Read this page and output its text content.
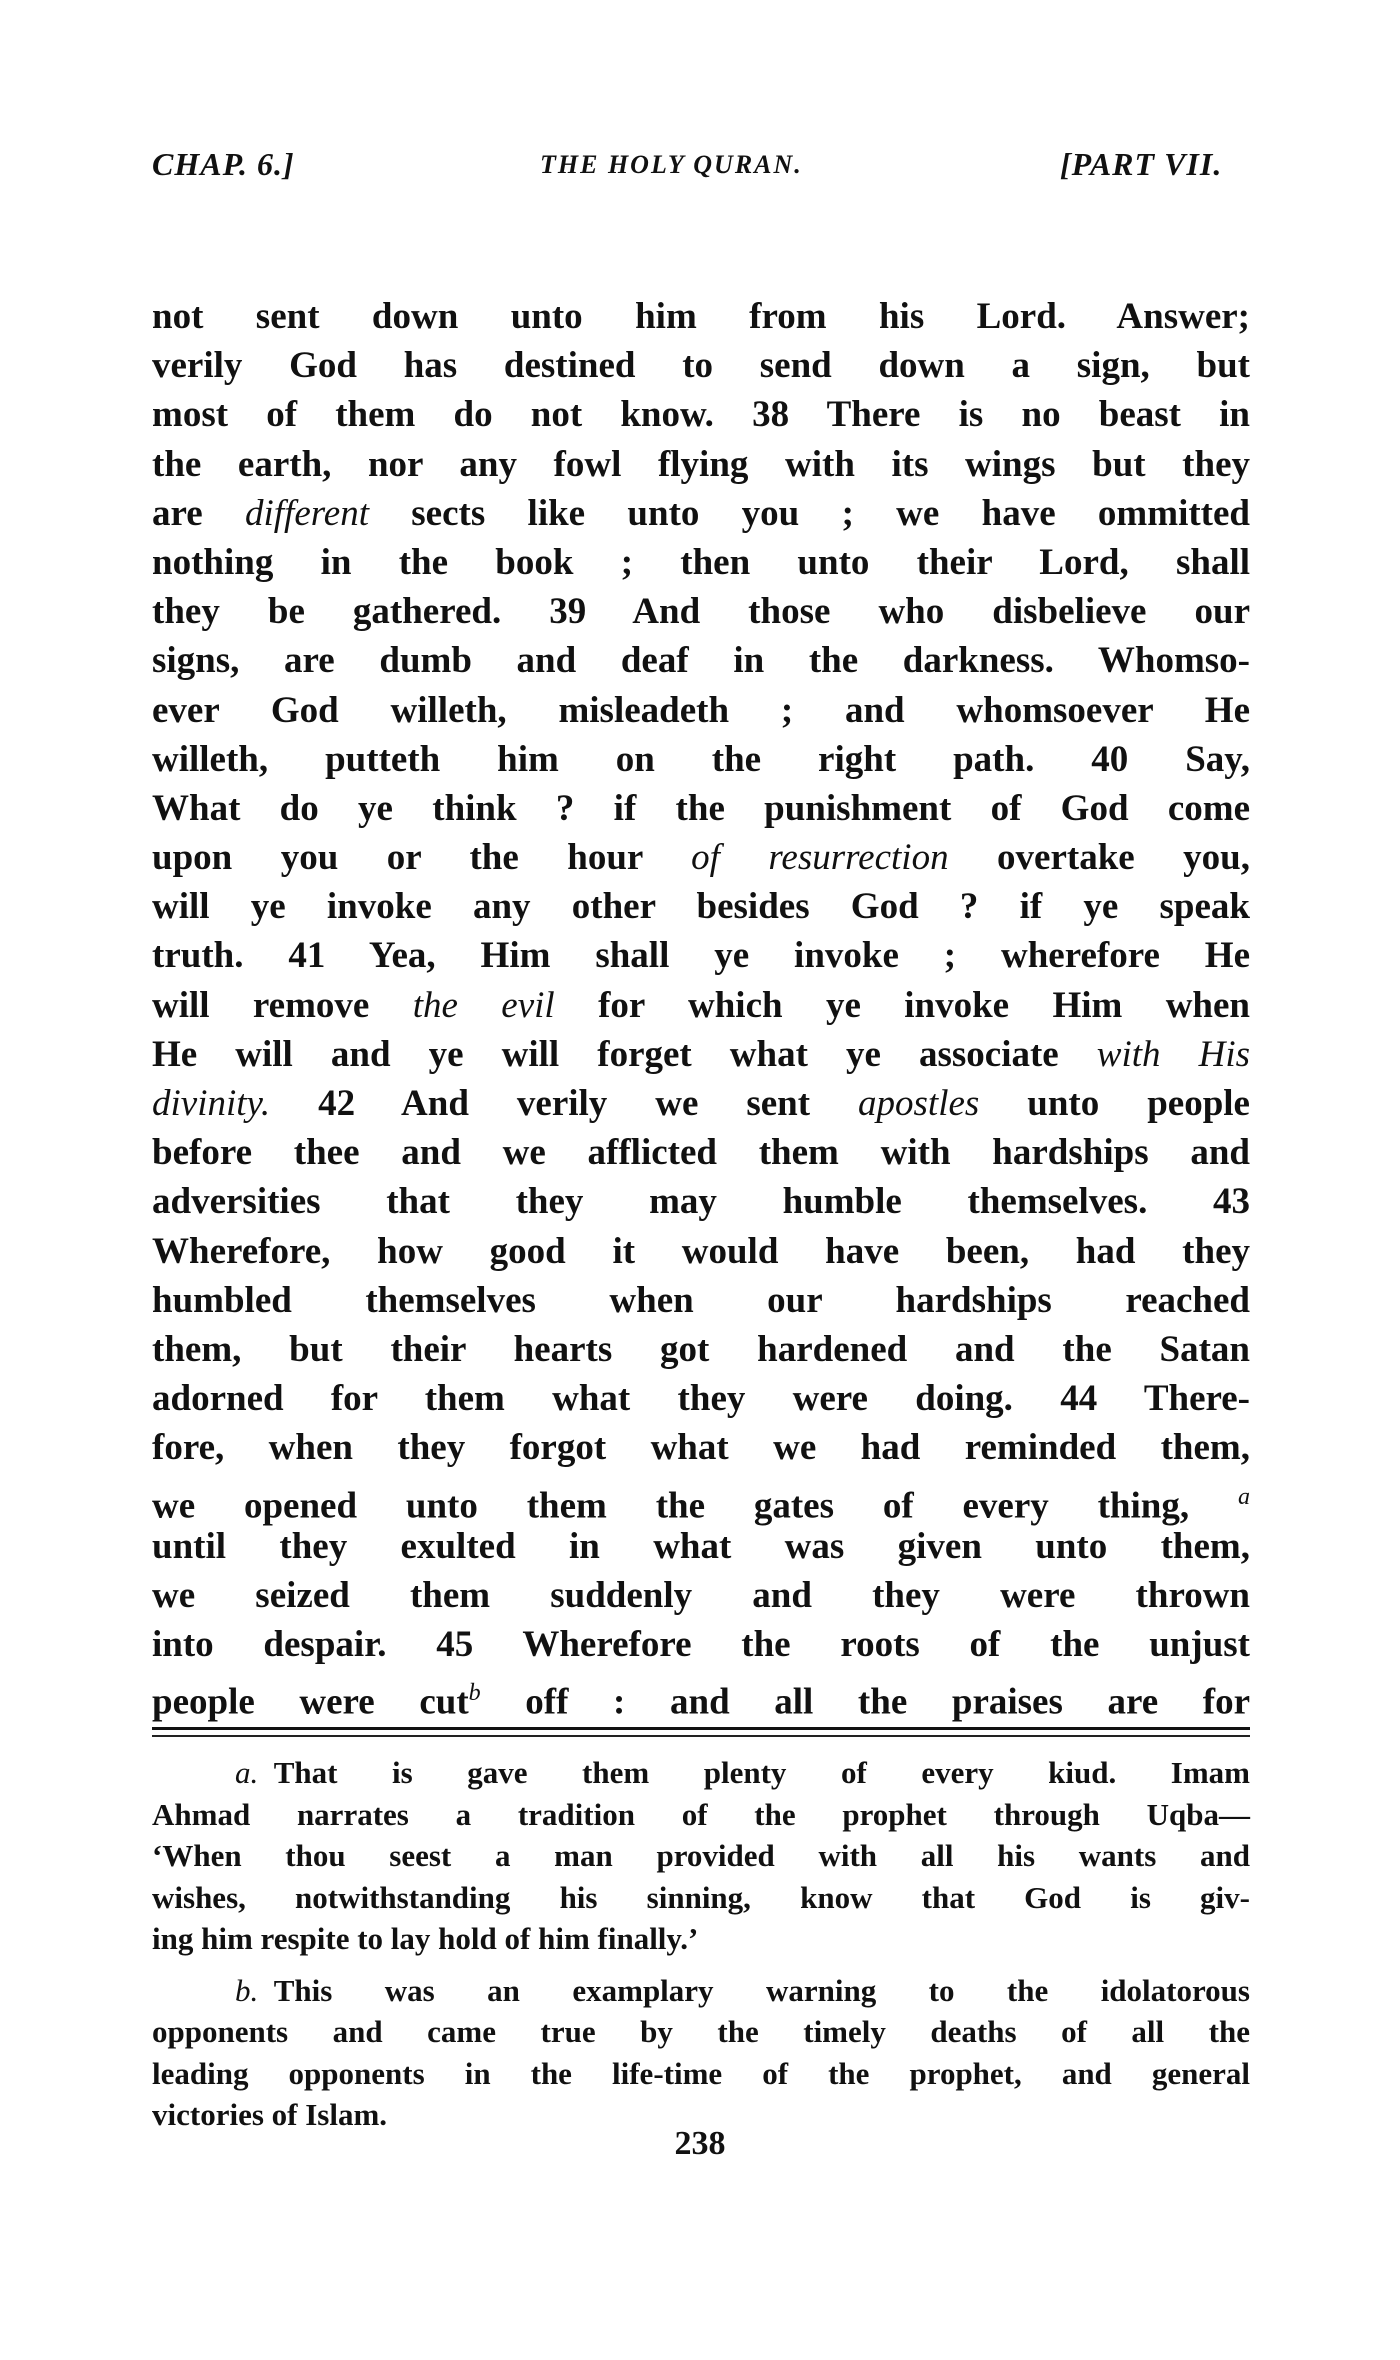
CHAP. 6.]	THE HOLY QURAN.	[PART VII.
not sent down unto him from his Lord. Answer;
verily God has destined to send down a sign, but
most of them do not know. 38 There is no beast in
the earth, nor any fowl flying with its wings but they
are different sects like unto you ; we have ommitted
nothing in the book ; then unto their Lord, shall
they be gathered. 39 And those who disbelieve our
signs, are dumb and deaf in the darkness. Whomso-
ever God willeth, misleadeth ; and whomsoever He
willeth, putteth him on the right path. 40 Say,
What do ye think ? if the punishment of God come
upon you or the hour of resurrection overtake you,
will ye invoke any other besides God ? if ye speak
truth. 41 Yea, Him shall ye invoke ; wherefore He
will remove the evil for which ye invoke Him when
He will and ye will forget what ye associate with His
divinity. 42 And verily we sent apostles unto people
before thee and we afflicted them with hardships and
adversities that they may humble themselves. 43
Wherefore, how good it would have been, had they
humbled themselves when our hardships reached
them, but their hearts got hardened and the Satan
adorned for them what they were doing. 44 There-
fore, when they forgot what we had reminded them,
we opened unto them the gates of every thing, $^a$
until they exulted in what was given unto them,
we seized them suddenly and they were thrown
into despair. 45 Wherefore the roots of the unjust
people were cut$^b$ off : and all the praises are for
a.  That is gave them plenty of every kiud. Imam
Ahmad narrates a tradition of the prophet through Uqba—
‘When thou seest a man provided with all his wants and
wishes, notwithstanding his sinning, know that God is giv-
ing him respite to lay hold of him finally.’
b.  This was an examplary warning to the idolatorous
opponents and came true by the timely deaths of all the
leading opponents in the life-time of the prophet, and general
victories of Islam.
238
